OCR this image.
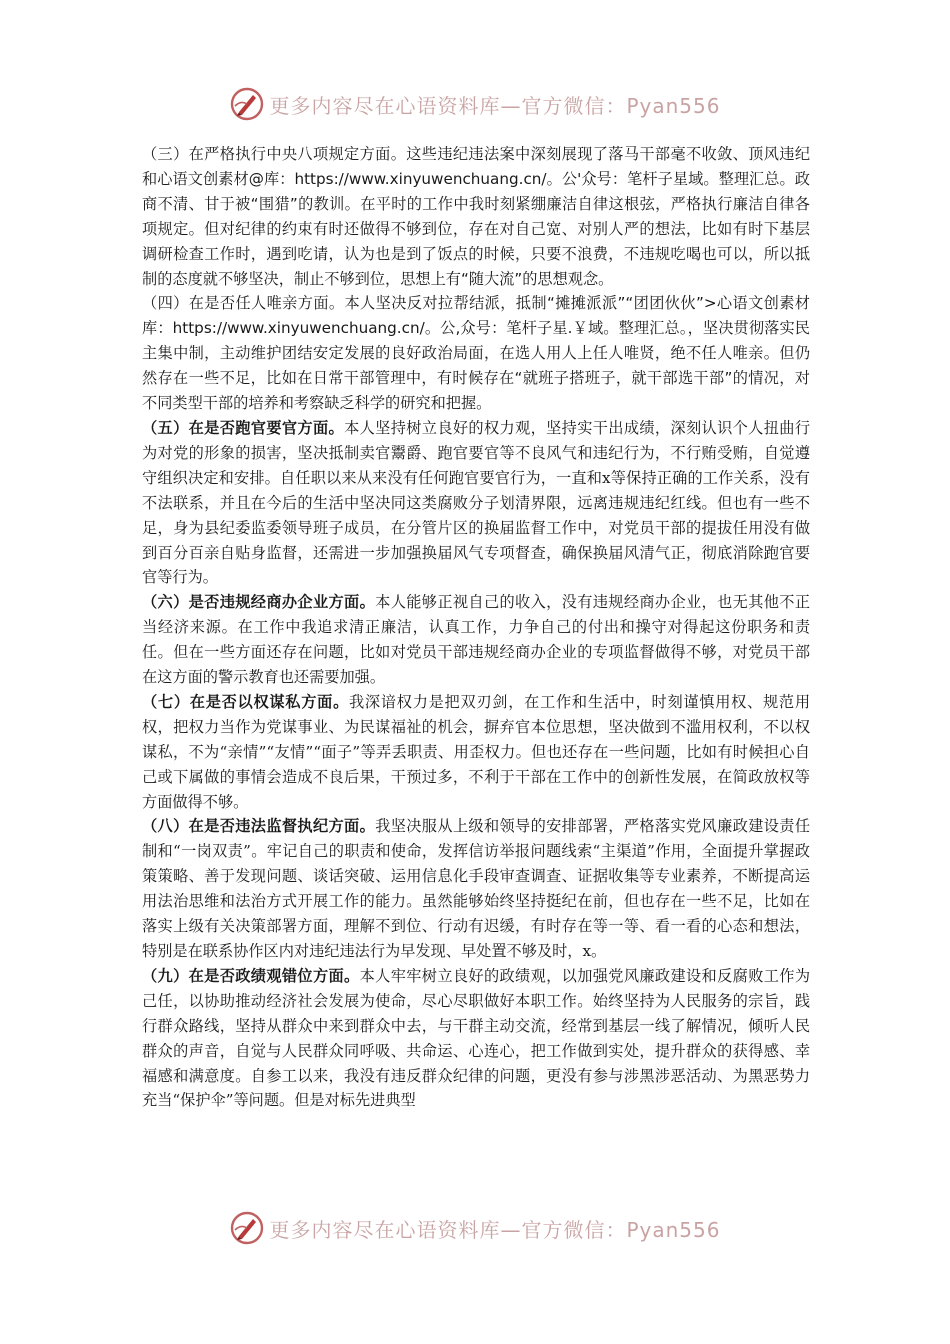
更多内容尽在心语资料库—官方微信：Pyan556

（三）在严格执行中央八项规定方面。这些违纪违法案中深刻展现了落马干部毫不收敛、顶风违纪和心语文创素材@库：https://www.xinyuwenchuang.cn/。公'众号：笔杆子星域。整理汇总。政商不清、甘于被“围猎”的教训。在平时的工作中我时刻紧绷廉洁自律这根弦，严格执行廉洁自律各项规定。但对纪律的约束有时还做得不够到位，存在对自己宽、对别人严的想法，比如有时下基层调研检查工作时，遇到吃请，认为也是到了饭点的时候，只要不浪费，不违规吃喝也可以，所以抵制的态度就不够坚决，制止不够到位，思想上有“随大流”的思想观念。

（四）在是否任人唯亲方面。本人坚决反对拉帮结派，抵制“摊摊派派”“团团伙伙”>心语文创素材库：https://www.xinyuwenchuang.cn/。公,众号：笔杆子星.￥域。整理汇总。，坚决贯彻落实民主集中制，主动维护团结安定发展的良好政治局面，在选人用人上任人唯贤，绝不任人唯亲。但仍然存在一些不足，比如在日常干部管理中，有时候存在“就班子搭班子，就干部选干部”的情况，对不同类型干部的培养和考察缺乏科学的研究和把握。

（五）在是否跑官要官方面。本人坚持树立良好的权力观，坚持实干出成绩，深刻认识个人扭曲行为对党的形象的损害，坚决抵制卖官鬻爵、跑官要官等不良风气和违纪行为，不行贿受贿，自觉遵守组织决定和安排。自任职以来从来没有任何跑官要官行为，一直和x等保持正确的工作关系，没有不法联系，并且在今后的生活中坚决同这类腐败分子划清界限，远离违规违纪红线。但也有一些不足，身为县纪委监委领导班子成员，在分管片区的换届监督工作中，对党员干部的提拔任用没有做到百分百亲自贴身监督，还需进一步加强换届风气专项督查，确保换届风清气正，彻底消除跑官要官等行为。

（六）是否违规经商办企业方面。本人能够正视自己的收入，没有违规经商办企业，也无其他不正当经济来源。在工作中我追求清正廉洁，认真工作，力争自己的付出和操守对得起这份职务和责任。但在一些方面还存在问题，比如对党员干部违规经商办企业的专项监督做得不够，对党员干部在这方面的警示教育也还需要加强。

（七）在是否以权谋私方面。我深谙权力是把双刃剑，在工作和生活中，时刻谨慎用权、规范用权，把权力当作为党谋事业、为民谋福祉的机会，摒弃官本位思想，坚决做到不滥用权利，不以权谋私，不为“亲情”“友情”“面子”等弄丢职责、用歪权力。但也还存在一些问题，比如有时候担心自己或下属做的事情会造成不良后果，干预过多，不利于干部在工作中的创新性发展，在简政放权等方面做得不够。

（八）在是否违法监督执纪方面。我坚决服从上级和领导的安排部署，严格落实党风廉政建设责任制和“一岗双责”。牢记自己的职责和使命，发挥信访举报问题线索“主渠道”作用，全面提升掌握政策策略、善于发现问题、谈话突破、运用信息化手段审查调查、证据收集等专业素养，不断提高运用法治思维和法治方式开展工作的能力。虽然能够始终坚持挺纪在前，但也存在一些不足，比如在落实上级有关决策部署方面，理解不到位、行动有迟缓，有时存在等一等、看一看的心态和想法，特别是在联系协作区内对违纪违法行为早发现、早处置不够及时，x。

（九）在是否政绩观错位方面。本人牢牢树立良好的政绩观，以加强党风廉政建设和反腐败工作为己任，以协助推动经济社会发展为使命，尽心尽职做好本职工作。始终坚持为人民服务的宗旨，践行群众路线，坚持从群众中来到群众中去，与干群主动交流，经常到基层一线了解情况，倾听人民群众的声音，自觉与人民群众同呼吸、共命运、心连心，把工作做到实处，提升群众的获得感、幸福感和满意度。自参工以来，我没有违反群众纪律的问题，更没有参与涉黑涉恶活动、为黑恶势力充当“保护伞”等问题。但是对标先进典型

更多内容尽在心语资料库—官方微信：Pyan556
